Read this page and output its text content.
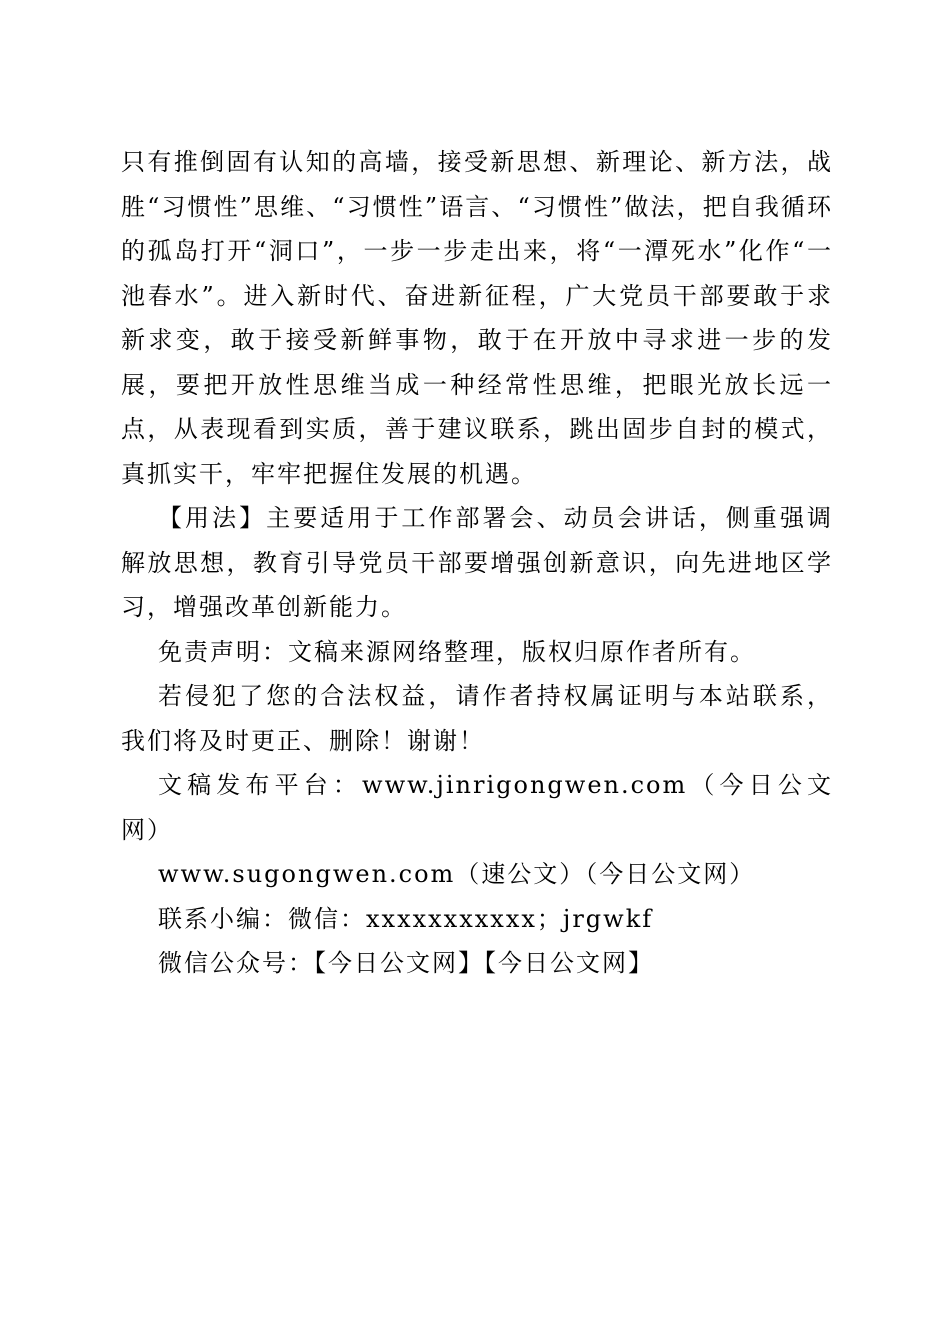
只有推倒固有认知的高墙，接受新思想、新理论、新方法，战胜“习惯性”思维、“习惯性”语言、“习惯性”做法，把自我循环的孤岛打开“洞口”，一步一步走出来，将“一潭死水”化作“一池春水”。进入新时代、奋进新征程，广大党员干部要敢于求新求变，敢于接受新鲜事物，敢于在开放中寻求进一步的发展，要把开放性思维当成一种经常性思维，把眼光放长远一点，从表现看到实质，善于建议联系，跳出固步自封的模式，真抓实干，牢牢把握住发展的机遇。

【用法】主要适用于工作部署会、动员会讲话，侧重强调解放思想，教育引导党员干部要增强创新意识，向先进地区学习，增强改革创新能力。

免责声明：文稿来源网络整理，版权归原作者所有。

若侵犯了您的合法权益，请作者持权属证明与本站联系，我们将及时更正、删除！谢谢！

文稿发布平台：www.jinrigongwen.com（今日公文网）

www.sugongwen.com（速公文）（今日公文网）

联系小编：微信：xxxxxxxxxxx；jrgwkf

微信公众号：【今日公文网】【今日公文网】
